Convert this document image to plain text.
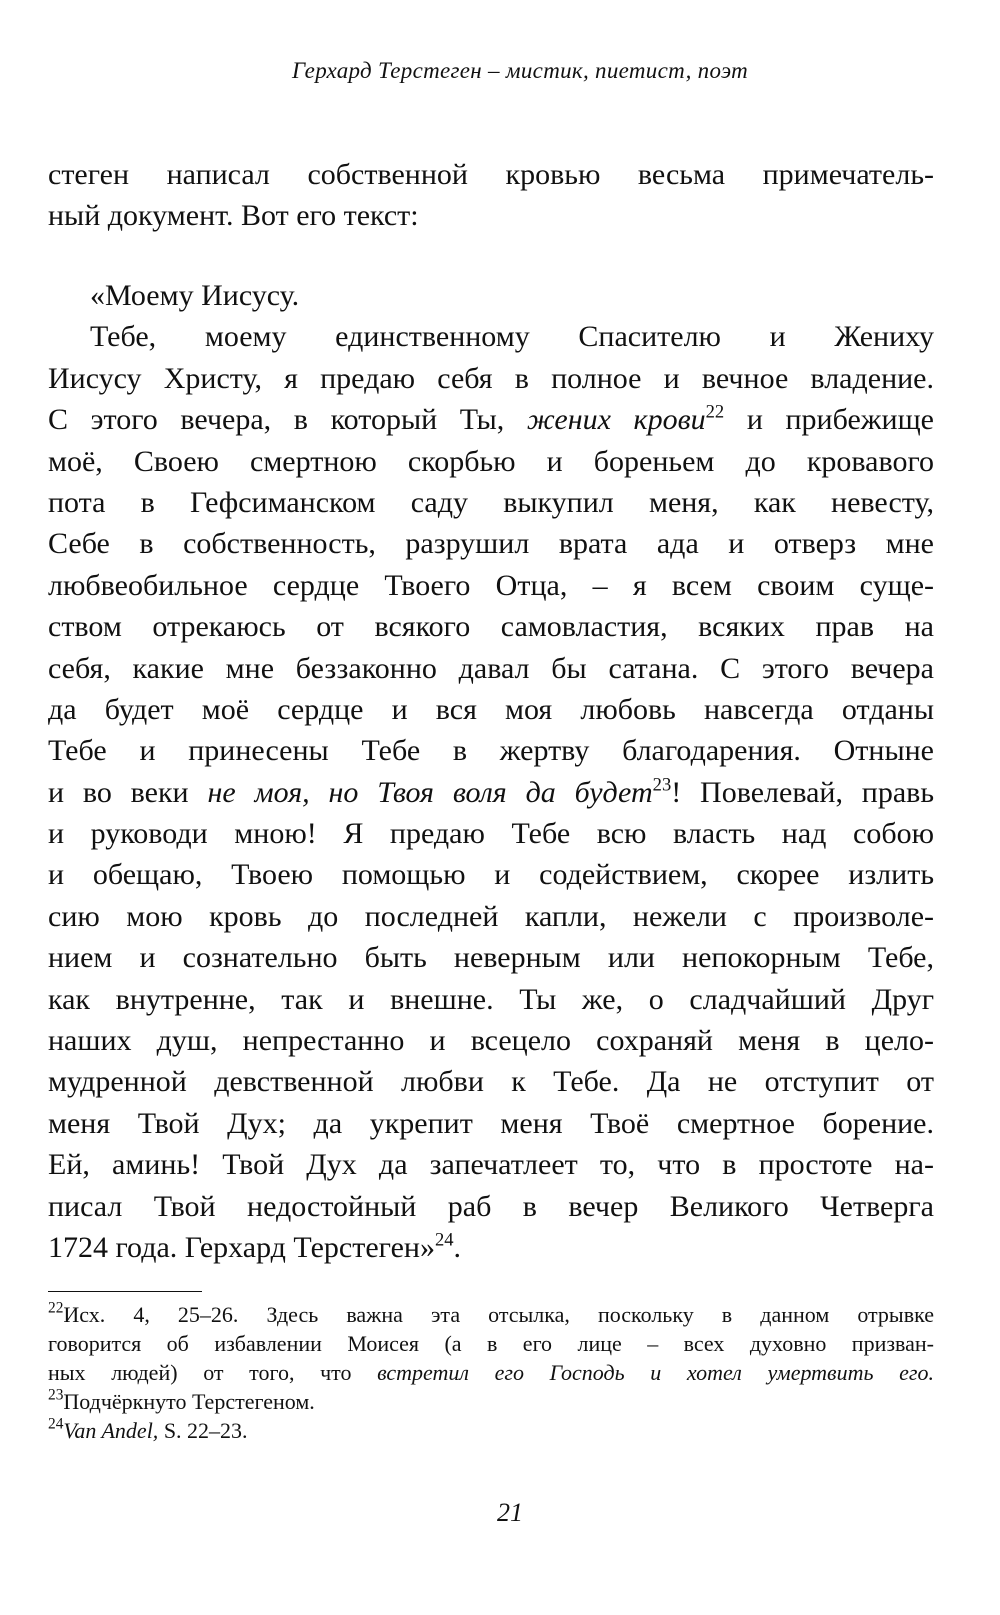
Герхард Терстеген – мистик, пиетист, поэт
стеген написал собственной кровью весьма примечатель-
ный документ. Вот его текст:
«Моему Иисусу.
Тебе, моему единственному Спасителю и Жениху
Иисусу Христу, я предаю себя в полное и вечное владение.
С этого вечера, в который Ты, жених крови$^{22}$ и прибежище
моё, Своею смертною скорбью и бореньем до кровавого
пота в Гефсиманском саду выкупил меня, как невесту,
Себе в собственность, разрушил врата ада и отверз мне
любвеобильное сердце Твоего Отца, – я всем своим суще-
ством отрекаюсь от всякого самовластия, всяких прав на
себя, какие мне беззаконно давал бы сатана. С этого вечера
да будет моё сердце и вся моя любовь навсегда отданы
Тебе и принесены Тебе в жертву благодарения. Отныне
и во веки не моя, но Твоя воля да будет$^{23}$! Повелевай, правь
и руководи мною! Я предаю Тебе всю власть над собою
и обещаю, Твоею помощью и содействием, скорее излить
сию мою кровь до последней капли, нежели с произволе-
нием и сознательно быть неверным или непокорным Тебе,
как внутренне, так и внешне. Ты же, о сладчайший Друг
наших душ, непрестанно и всецело сохраняй меня в цело-
мудренной девственной любви к Тебе. Да не отступит от
меня Твой Дух; да укрепит меня Твоё смертное борение.
Ей, аминь! Твой Дух да запечатлеет то, что в простоте на-
писал Твой недостойный раб в вечер Великого Четверга
1724 года. Герхард Терстеген»$^{24}$.
$^{22}$Исх. 4, 25–26. Здесь важна эта отсылка, поскольку в данном отрывке
говорится об избавлении Моисея (а в его лице – всех духовно призван-
ных людей) от того, что встретил его Господь и хотел умертвить его.
$^{23}$Подчёркнуто Терстегеном.
$^{24}$Van Andel, S. 22–23.
21
